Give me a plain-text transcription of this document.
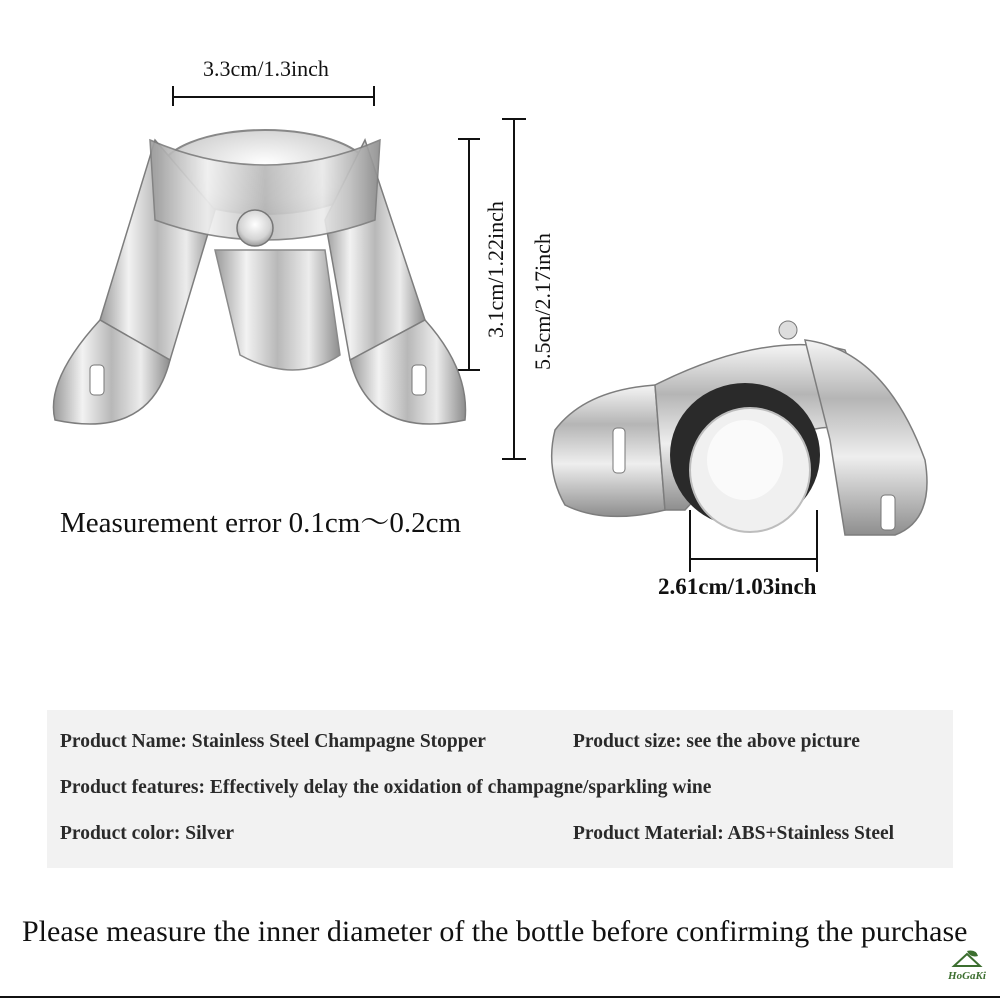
3.3cm/1.3inch
3.1cm/1.22inch 5.5cm/2.17inch
2.61cm/1.03inch
Measurement error 0.1cm〜0.2cm
Product Name: Stainless Steel Champagne Stopper	Product size: see the above picture
Product features: Effectively delay the oxidation of champagne/sparkling wine
Product color: Silver	Product Material: ABS+Stainless Steel
Please measure the inner diameter of the bottle before confirming the purchase
HoGaKi
